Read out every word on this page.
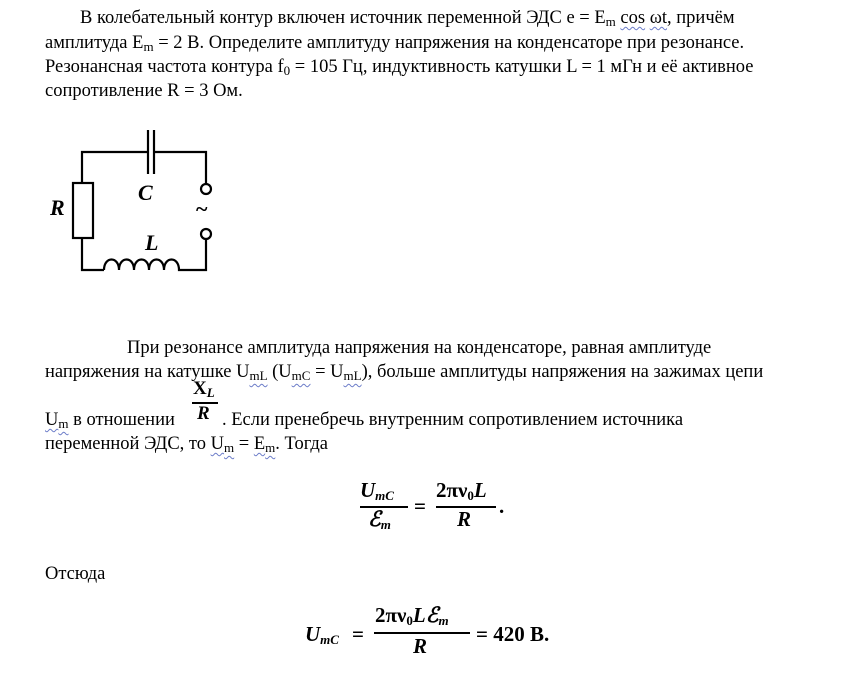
В колебательный контур включен источник переменной ЭДС $e = E_m$ cos ωt, причём
амплитуда $E_m = 2$ В. Определите амплитуду напряжения на конденсаторе при резонансе.
Резонансная частота контура $f_0 = 105$ Гц, индуктивность катушки L = 1 мГн и её активное
сопротивление R = 3 Ом.
R
C
L
~
При резонансе амплитуда напряжения на конденсаторе, равная амплитуде
напряжения на катушке $U_{mL}$ $(U_{mC} = U_{mL})$, больше амплитуды напряжения на зажимах цепи
$X_L$
R
$U_m$ в отношении	. Если пренебречь внутренним сопротивлением источника
переменной ЭДС, то $U_m = E_m$. Тогда
$U_{mC}$
ℰ$_m$
=
$2\pi\nu_0L$
R
.
Отсюда
$U_{mC}$ =
$2\pi\nu_0Lℰ_m$
R = 420 В.
